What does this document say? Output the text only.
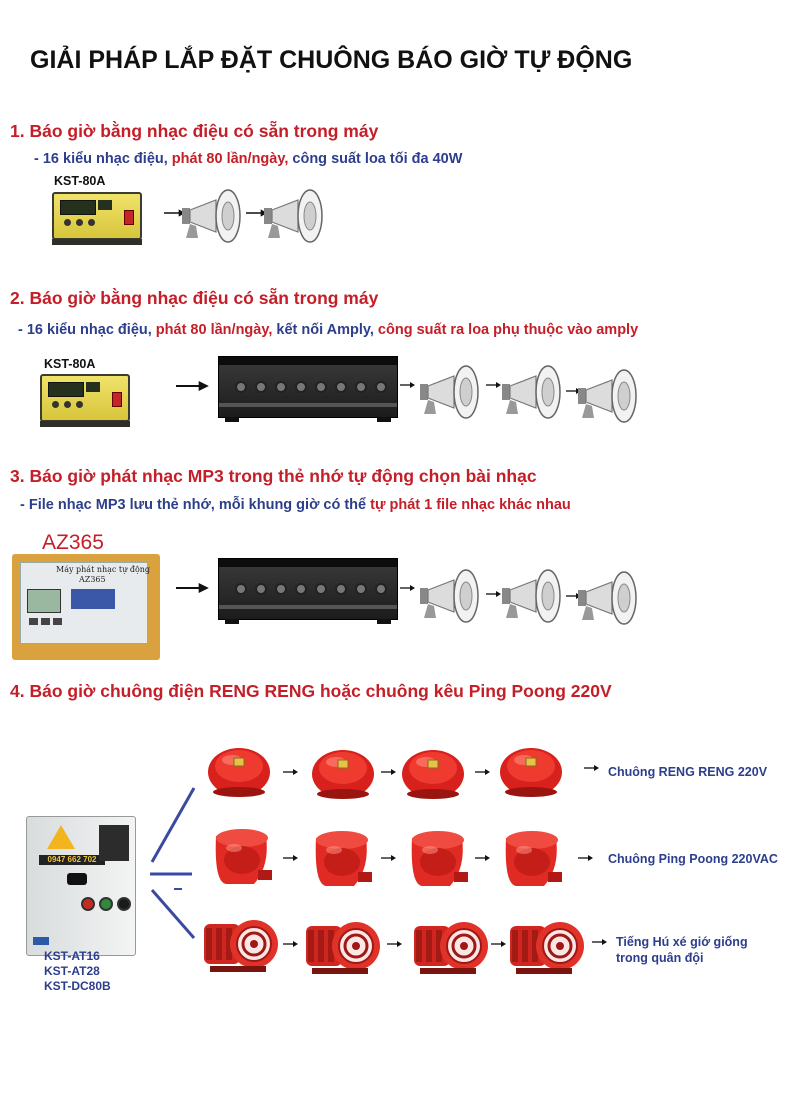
GIẢI PHÁP LẮP ĐẶT CHUÔNG BÁO GIỜ TỰ ĐỘNG
1. Báo giờ bằng nhạc điệu có sẵn trong máy
- 16 kiểu nhạc điệu, phát 80 lần/ngày, công suất loa tối đa 40W
KST-80A
2. Báo giờ bằng nhạc điệu có sẵn trong máy
- 16 kiểu nhạc điệu, phát 80 lần/ngày, kết nối Amply, công suất ra loa phụ thuộc vào amply
KST-80A
3. Báo giờ phát nhạc MP3 trong thẻ nhớ tự động chọn bài nhạc
- File nhạc MP3 lưu thẻ nhớ, mỗi khung giờ có thể tự phát 1 file nhạc khác nhau
AZ365
Máy phát nhạc tự động
AZ365
4. Báo giờ chuông điện RENG RENG hoặc chuông kêu Ping Poong 220V
0947 662 702
KST-AT16
KST-AT28
KST-DC80B
Chuông RENG RENG 220V
Chuông Ping Poong 220VAC
Tiếng Hú xé giớ giống
trong quân đội
